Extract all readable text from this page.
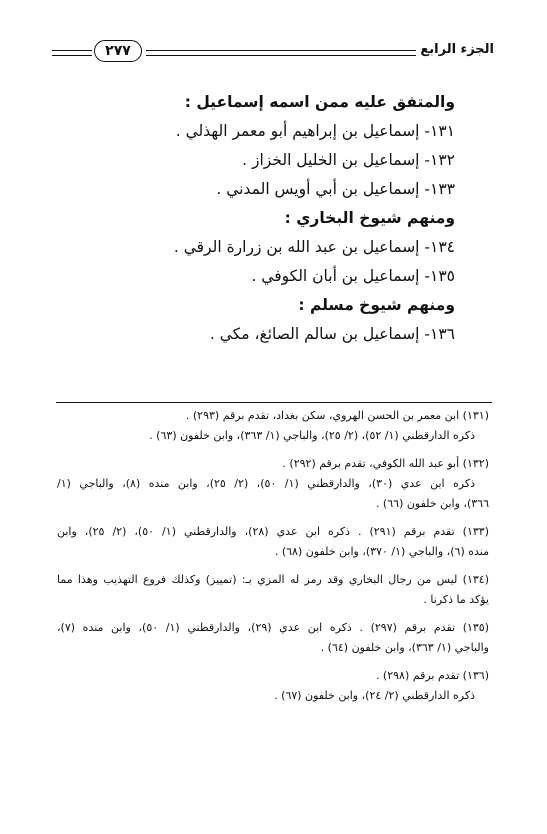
الجزء الرابع
٢٧٧
والمتفق عليه ممن اسمه إسماعيل :
١٣١- إسماعيل بن إبراهيم أبو معمر الهذلي .
١٣٢- إسماعيل بن الخليل الخزاز .
١٣٣- إسماعيل بن أبي أويس المدني .
ومنهم شيوخ البخاري :
١٣٤- إسماعيل بن عبد الله بن زرارة الرقي .
١٣٥- إسماعيل بن أبان الكوفي .
ومنهم شيوخ مسلم :
١٣٦- إسماعيل بن سالم الصائغ، مكي .
(١٣١) ابن معمر بن الحسن الهروي، سكن بغداد، تقدم برقم (٢٩٣) .
ذكره الدارقطني (١/ ٥٢)، (٢/ ٢٥)، والباجي (١/ ٣٦٣)، وابن خلفون (٦٣) .
(١٣٢) أبو عبد الله الكوفي، تقدم برقم (٢٩٢) .
ذكره ابن عدي (٣٠)، والدارقطني (١/ ٥٠)، (٢/ ٢٥)، وابن منده (٨)، والباجي (١/
٣٦٦)، وابن خلفون (٦٦) .
(١٣٣) تقدم برقم (٢٩١) . ذكره ابن عدي (٢٨)، والدارقطني (١/ ٥٠)، (٢/ ٢٥)، وابن
منده (٦)، والباجي (١/ ٣٧٠)، وابن خلفون (٦٨) .
(١٣٤) ليس من رجال البخاري وقد رمز له المزي بـ: (تمييز) وكذلك فروع التهذيب وهذا مما
يؤكد ما ذكرنا .
(١٣٥) تقدم برقم (٢٩٧) . ذكره ابن عدي (٢٩)، والدارقطني (١/ ٥٠)، وابن منده (٧)،
والباجي (١/ ٣٦٣)، وابن خلفون (٦٤) .
(١٣٦) تقدم برقم (٢٩٨) .
ذكره الدارقطني (٢/ ٢٤)، وابن خلفون (٦٧) .
